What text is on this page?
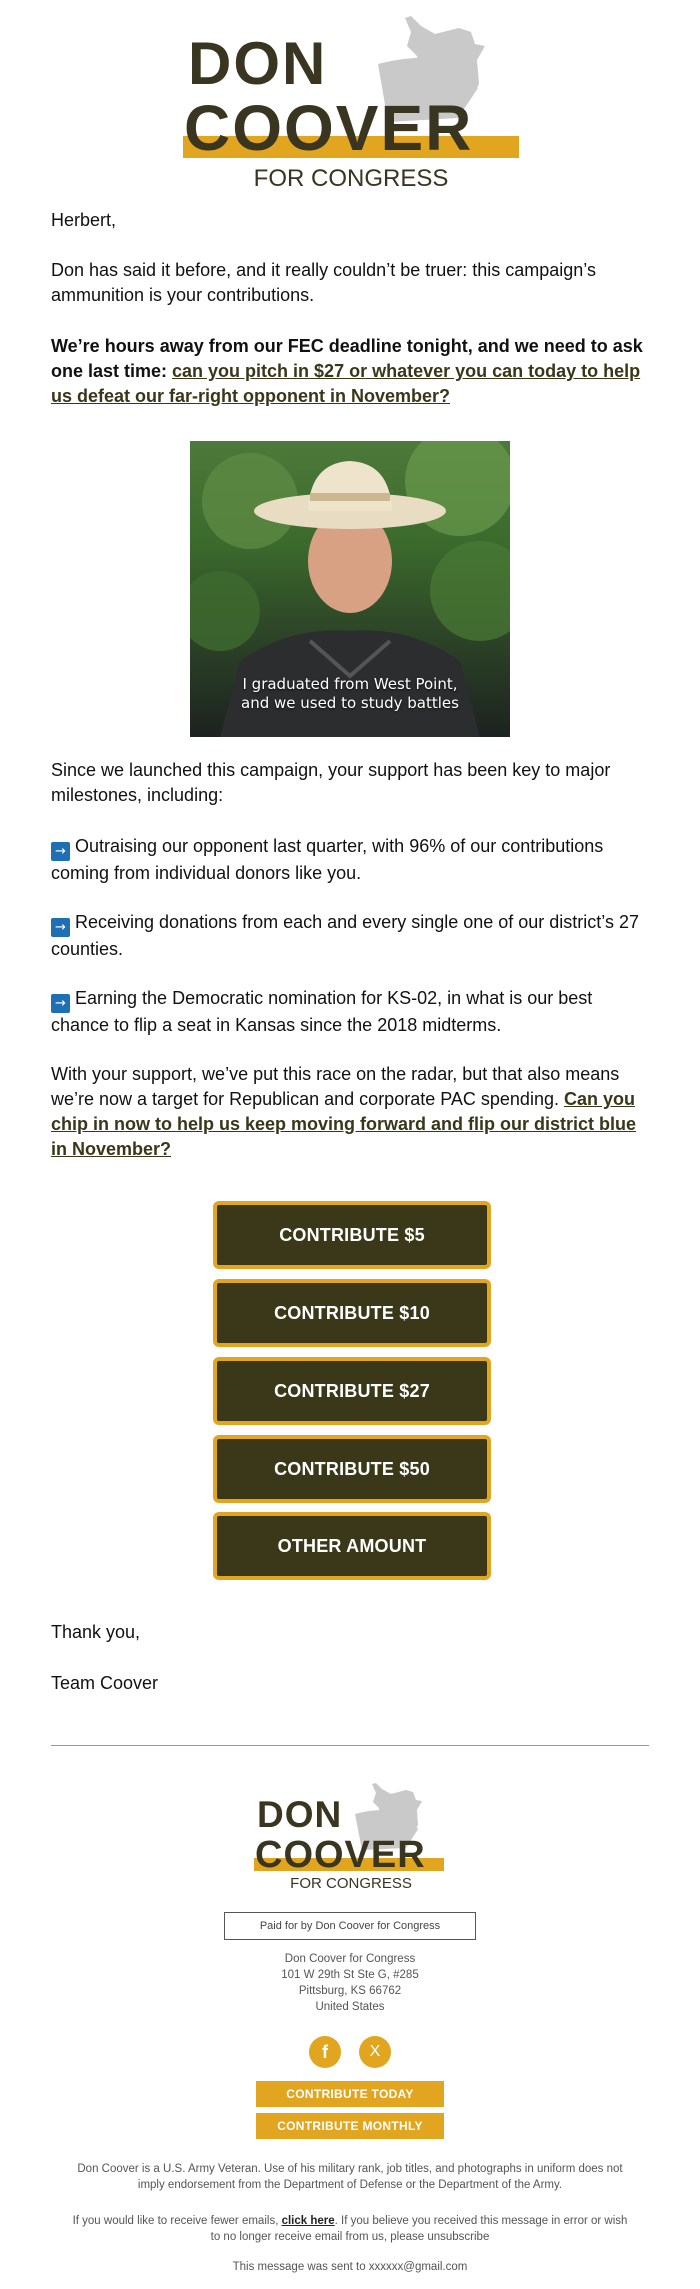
DON
COOVER
FOR CONGRESS

Herbert,

Don has said it before, and it really couldn’t be truer: this campaign’s ammunition is your contributions.

We’re hours away from our FEC deadline tonight, and we need to ask one last time: can you pitch in $27 or whatever you can today to help us defeat our far-right opponent in November?

I graduated from West Point,
and we used to study battles

Since we launched this campaign, your support has been key to major milestones, including:

→ Outraising our opponent last quarter, with 96% of our contributions coming from individual donors like you.

→ Receiving donations from each and every single one of our district’s 27 counties.

→ Earning the Democratic nomination for KS-02, in what is our best chance to flip a seat in Kansas since the 2018 midterms.

With your support, we’ve put this race on the radar, but that also means we’re now a target for Republican and corporate PAC spending. Can you chip in now to help us keep moving forward and flip our district blue in November?

CONTRIBUTE $5
CONTRIBUTE $10
CONTRIBUTE $27
CONTRIBUTE $50
OTHER AMOUNT

Thank you,

Team Coover

DON
COOVER
FOR CONGRESS
Paid for by Don Coover for Congress
Don Coover for Congress
101 W 29th St Ste G, #285
Pittsburg, KS 66762
United States
f	X
CONTRIBUTE TODAY
CONTRIBUTE MONTHLY
Don Coover is a U.S. Army Veteran. Use of his military rank, job titles, and photographs in uniform does not imply endorsement from the Department of Defense or the Department of the Army.
If you would like to receive fewer emails, click here. If you believe you received this message in error or wish to no longer receive email from us, please unsubscribe
This message was sent to xxxxxx@gmail.com
